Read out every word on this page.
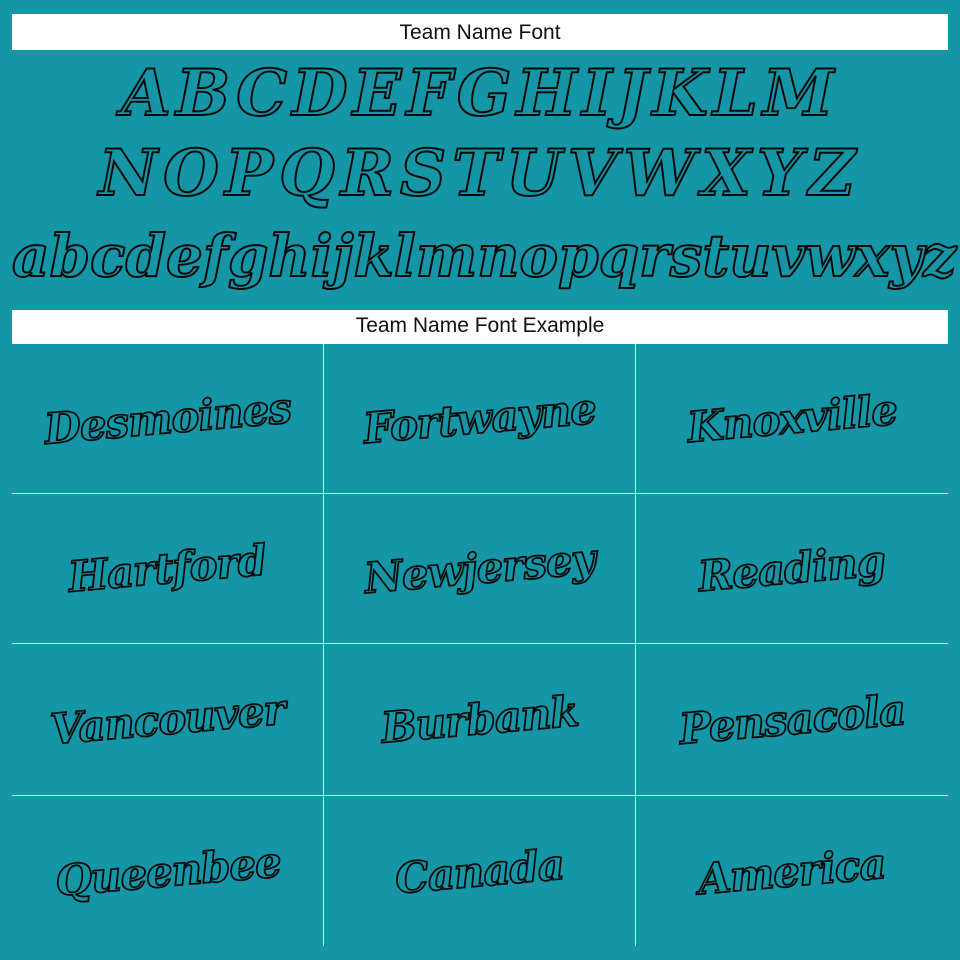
Team Name Font
ABCDEFGHIJKLM
NOPQRSTUVWXYZ
abcdefghijklmnopqrstuvwxyz
Team Name Font Example
Desmoines Fortwayne Knoxville
Hartford Newjersey Reading
Vancouver Burbank Pensacola
Queenbee	Canada	America
